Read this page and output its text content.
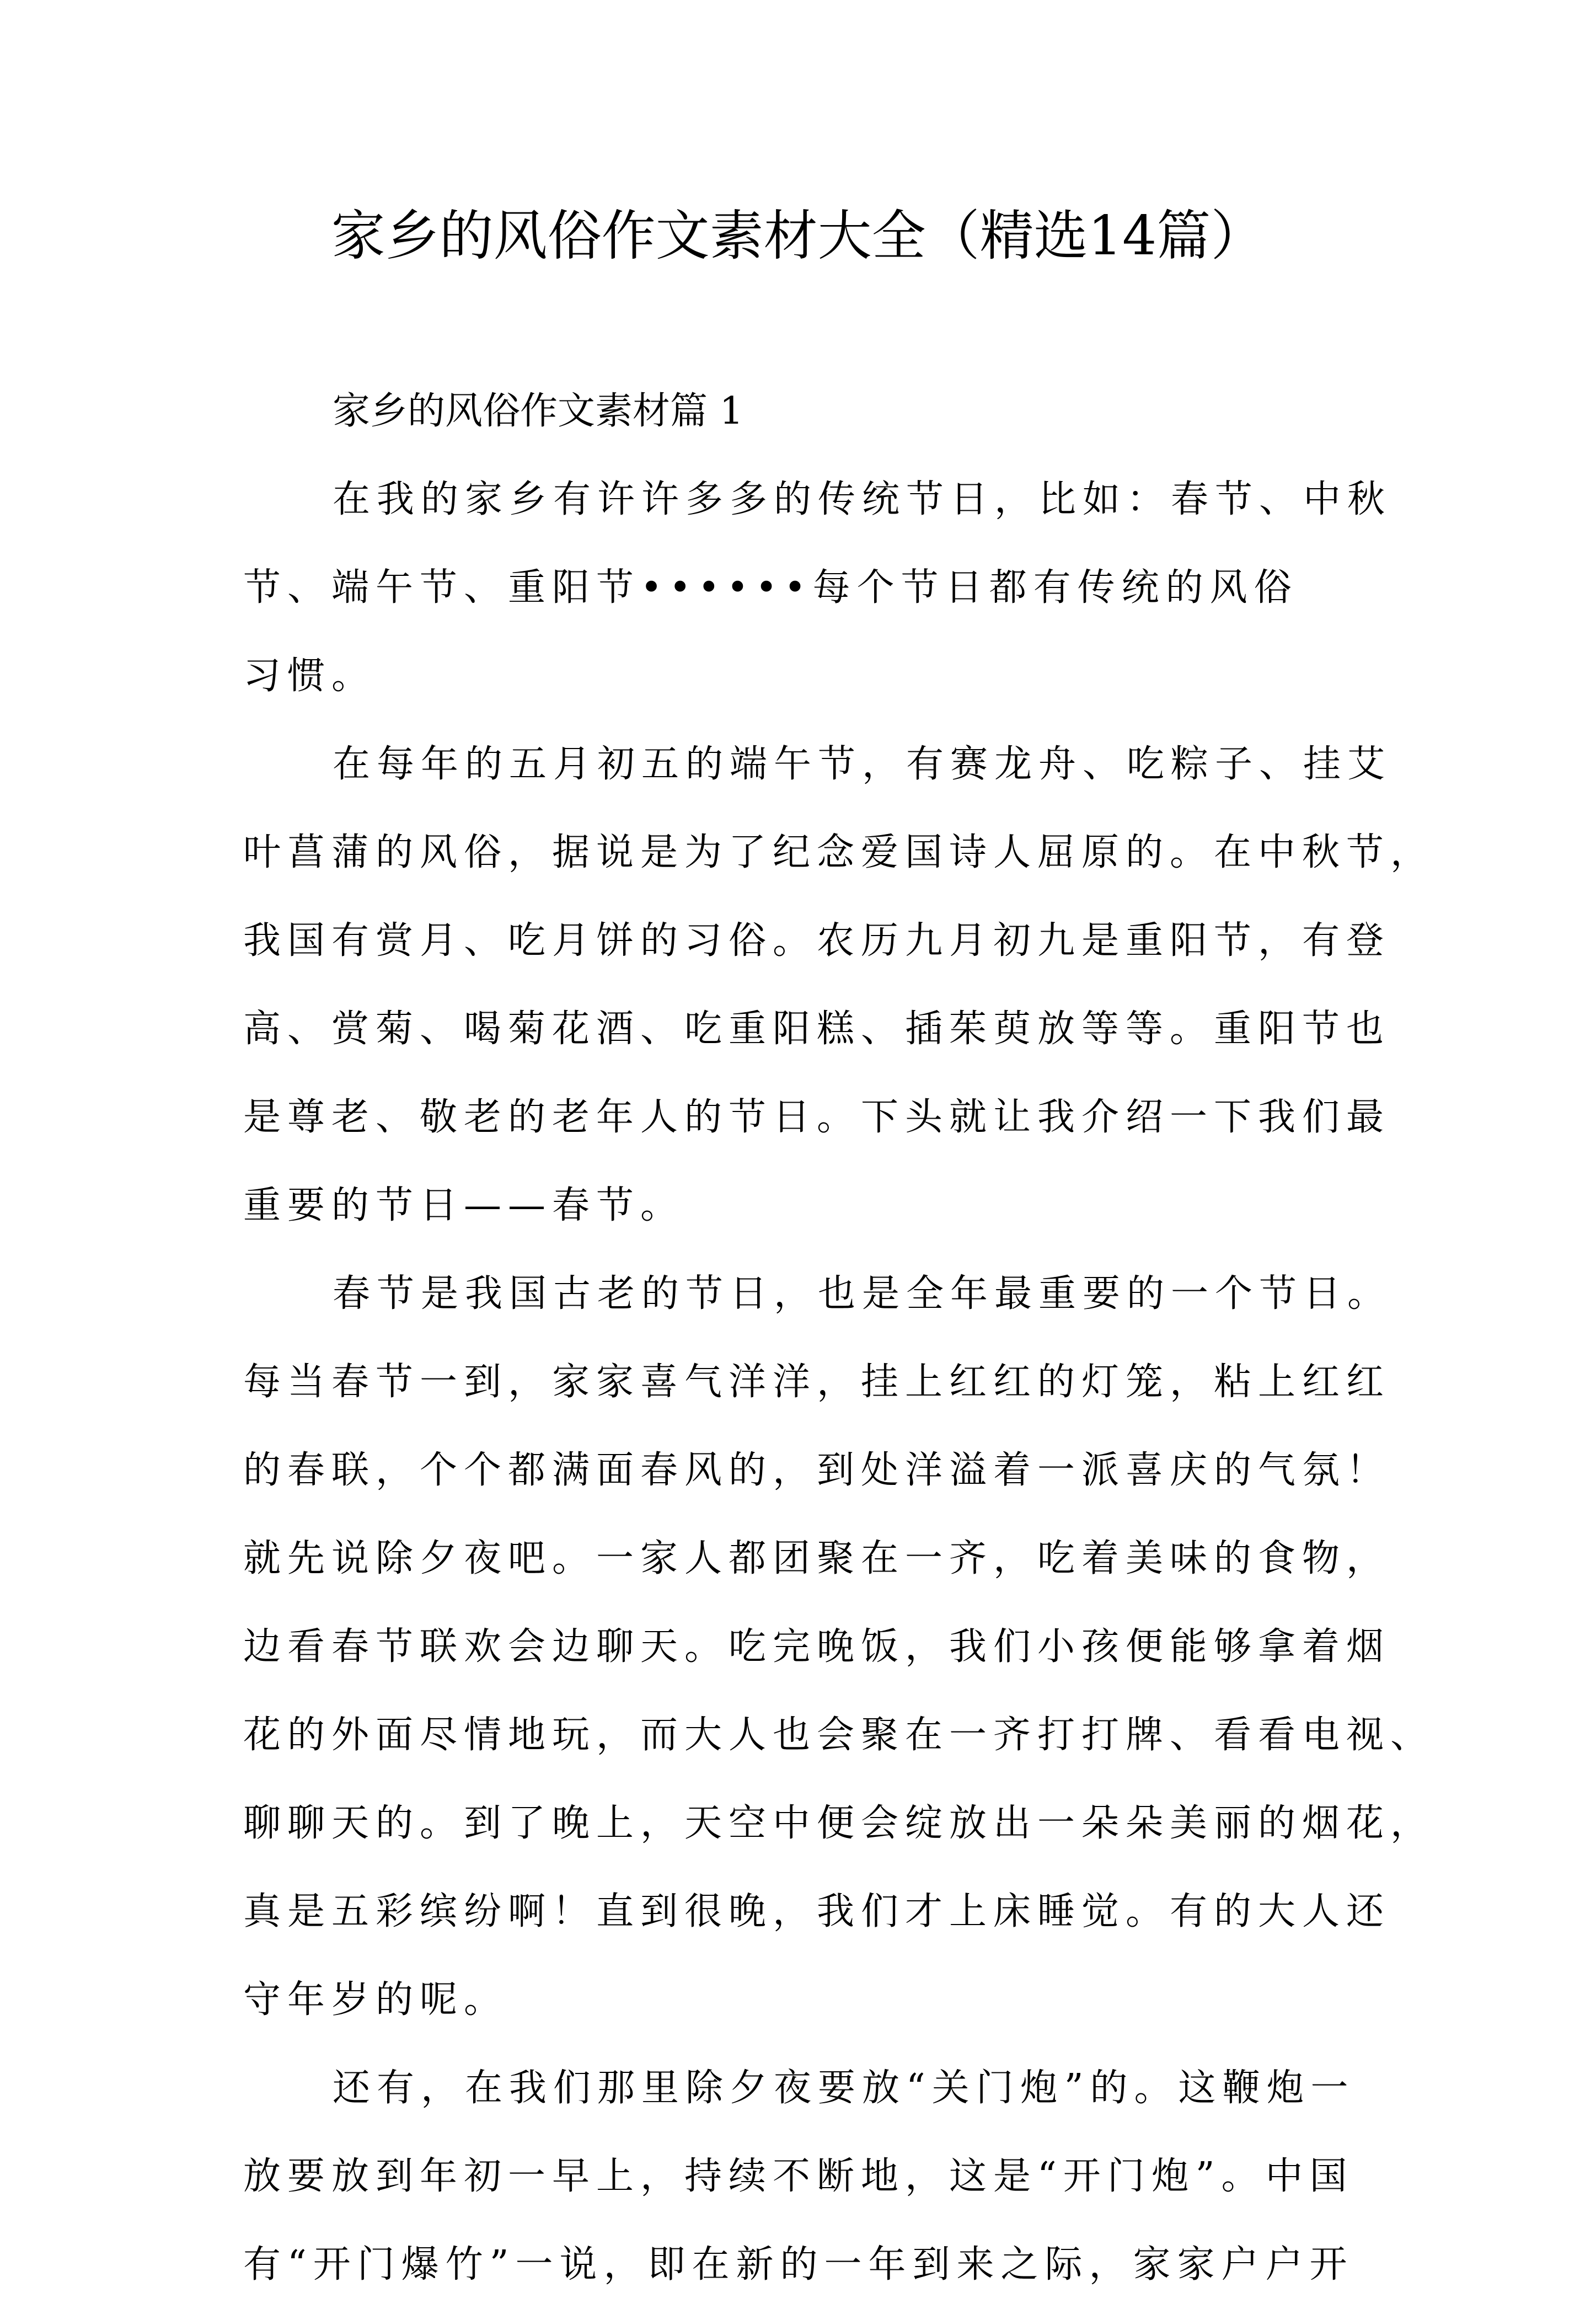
家乡的风俗作文素材大全（精选14篇）
家乡的风俗作文素材篇 1

在我的家乡有许许多多的传统节日，比如：春节、中秋
节、端午节、重阳节••••••每个节日都有传统的风俗
习惯。

在每年的五月初五的端午节，有赛龙舟、吃粽子、挂艾
叶菖蒲的风俗，据说是为了纪念爱国诗人屈原的。在中秋节，
我国有赏月、吃月饼的习俗。农历九月初九是重阳节，有登
高、赏菊、喝菊花酒、吃重阳糕、插茱萸放等等。重阳节也
是尊老、敬老的老年人的节日。下头就让我介绍一下我们最
重要的节日——春节。

春节是我国古老的节日，也是全年最重要的一个节日。
每当春节一到，家家喜气洋洋，挂上红红的灯笼，粘上红红
的春联，个个都满面春风的，到处洋溢着一派喜庆的气氛！
就先说除夕夜吧。一家人都团聚在一齐，吃着美味的食物，
边看春节联欢会边聊天。吃完晚饭，我们小孩便能够拿着烟
花的外面尽情地玩，而大人也会聚在一齐打打牌、看看电视、
聊聊天的。到了晚上，天空中便会绽放出一朵朵美丽的烟花，
真是五彩缤纷啊！直到很晚，我们才上床睡觉。有的大人还
守年岁的呢。

还有，在我们那里除夕夜要放“关门炮”的。这鞭炮一
放要放到年初一早上，持续不断地，这是“开门炮”。中国
有“开门爆竹”一说，即在新的一年到来之际，家家户户开
